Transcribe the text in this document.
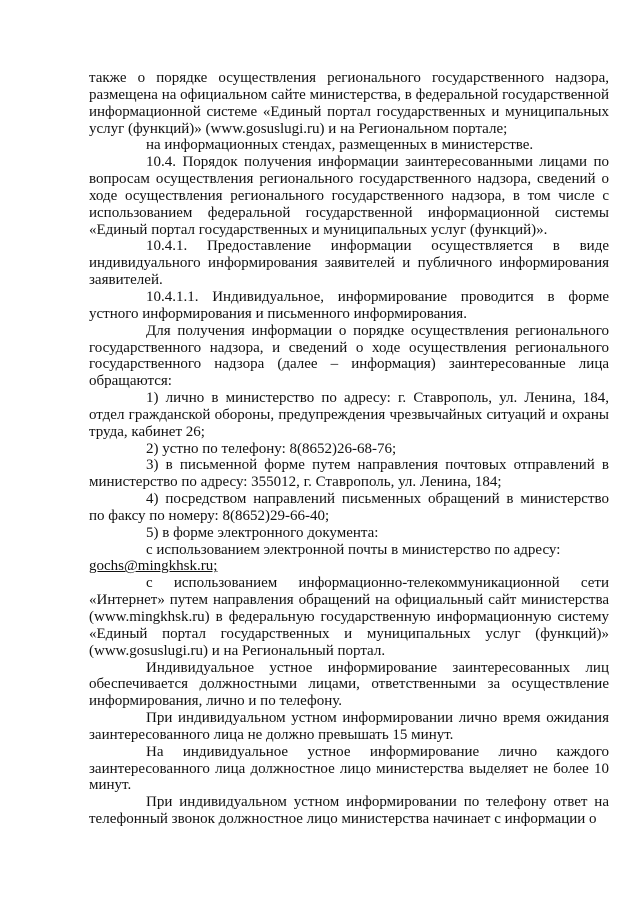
также о порядке осуществления регионального государственного надзора, размещена на официальном сайте министерства, в федеральной государственной информационной системе «Единый портал государственных и муниципальных услуг (функций)» (www.gosuslugi.ru) и на Региональном портале;

на информационных стендах, размещенных в министерстве.

10.4. Порядок получения информации заинтересованными лицами по вопросам осуществления регионального государственного надзора, сведений о ходе осуществления регионального государственного надзора, в том числе с использованием федеральной государственной информационной системы «Единый портал государственных и муниципальных услуг (функций)».

10.4.1. Предоставление информации осуществляется в виде индивидуального информирования заявителей и публичного информирования заявителей.

10.4.1.1. Индивидуальное, информирование проводится в форме устного информирования и письменного информирования.

Для получения информации о порядке осуществления регионального государственного надзора, и сведений о ходе осуществления регионального государственного надзора (далее – информация) заинтересованные лица обращаются:

1) лично в министерство по адресу: г. Ставрополь, ул. Ленина, 184, отдел гражданской обороны, предупреждения чрезвычайных ситуаций и охраны труда, кабинет 26;

2) устно по телефону: 8(8652)26-68-76;

3) в письменной форме путем направления почтовых отправлений в министерство по адресу: 355012, г. Ставрополь, ул. Ленина, 184;

4) посредством направлений письменных обращений в министерство по факсу по номеру: 8(8652)29-66-40;

5) в форме электронного документа:

с использованием электронной почты в министерство по адресу:

gochs@mingkhsk.ru;

с использованием информационно-телекоммуникационной сети «Интернет» путем направления обращений на официальный сайт министерства (www.mingkhsk.ru) в федеральную государственную информационную систему «Единый портал государственных и муниципальных услуг (функций)» (www.gosuslugi.ru) и на Региональный портал.

Индивидуальное устное информирование заинтересованных лиц обеспечивается должностными лицами, ответственными за осуществление информирования, лично и по телефону.

При индивидуальном устном информировании лично время ожидания заинтересованного лица не должно превышать 15 минут.

На индивидуальное устное информирование лично каждого заинтересованного лица должностное лицо министерства выделяет не более 10 минут.

При индивидуальном устном информировании по телефону ответ на телефонный звонок должностное лицо министерства начинает с информации о
